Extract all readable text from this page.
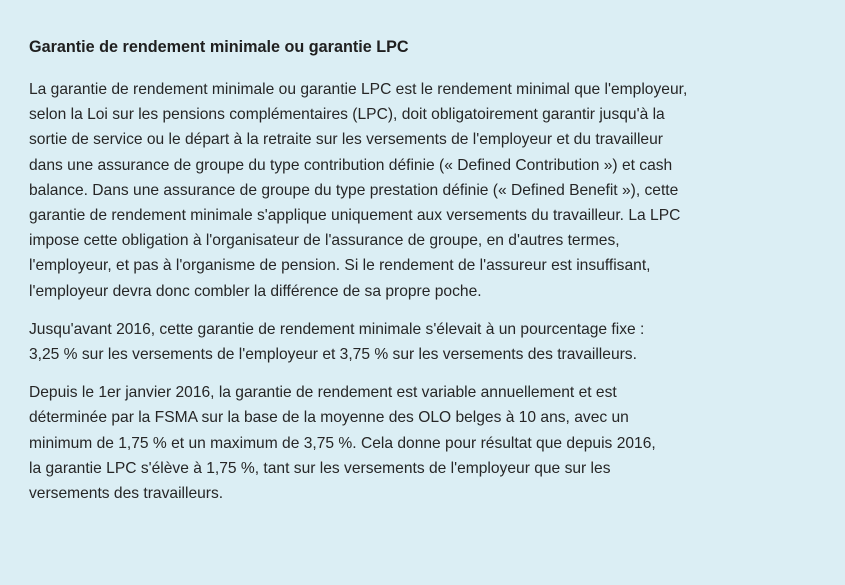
Garantie de rendement minimale ou garantie LPC

La garantie de rendement minimale ou garantie LPC est le rendement minimal que l'employeur,
selon la Loi sur les pensions complémentaires (LPC), doit obligatoirement garantir jusqu'à la
sortie de service ou le départ à la retraite sur les versements de l'employeur et du travailleur
dans une assurance de groupe du type contribution définie (« Defined Contribution ») et cash
balance. Dans une assurance de groupe du type prestation définie (« Defined Benefit »), cette
garantie de rendement minimale s'applique uniquement aux versements du travailleur. La LPC
impose cette obligation à l'organisateur de l'assurance de groupe, en d'autres termes,
l'employeur, et pas à l'organisme de pension. Si le rendement de l'assureur est insuffisant,
l'employeur devra donc combler la différence de sa propre poche.

Jusqu'avant 2016, cette garantie de rendement minimale s'élevait à un pourcentage fixe :
3,25 % sur les versements de l'employeur et 3,75 % sur les versements des travailleurs.

Depuis le 1er janvier 2016, la garantie de rendement est variable annuellement et est
déterminée par la FSMA sur la base de la moyenne des OLO belges à 10 ans, avec un
minimum de 1,75 % et un maximum de 3,75 %. Cela donne pour résultat que depuis 2016,
la garantie LPC s'élève à 1,75 %, tant sur les versements de l'employeur que sur les
versements des travailleurs.
